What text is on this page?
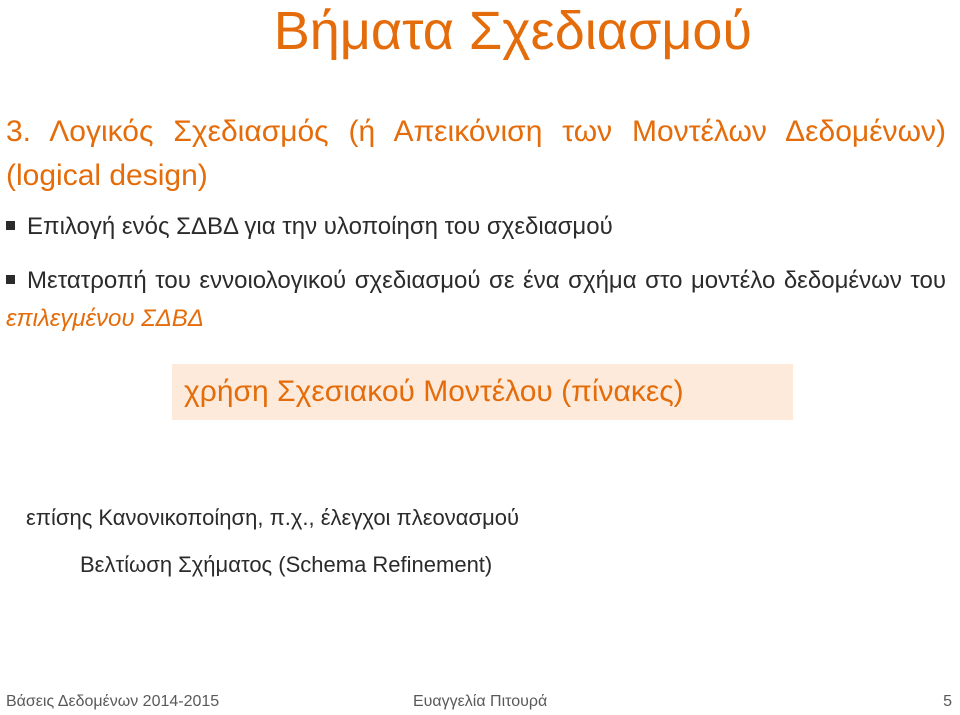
Βήματα Σχεδιασμού
3. Λογικός Σχεδιασμός (ή Απεικόνιση των Μοντέλων Δεδομένων) (logical design)
Επιλογή ενός ΣΔΒΔ για την υλοποίηση του σχεδιασμού
Μετατροπή του εννοιολογικού σχεδιασμού σε ένα σχήμα στο μοντέλο δεδομένων του επιλεγμένου ΣΔΒΔ
χρήση Σχεσιακού Μοντέλου (πίνακες)
επίσης Κανονικοποίηση, π.χ., έλεγχοι πλεονασμού
Βελτίωση Σχήματος (Schema Refinement)
Βάσεις Δεδομένων 2014-2015	Ευαγγελία Πιτουρά	5
